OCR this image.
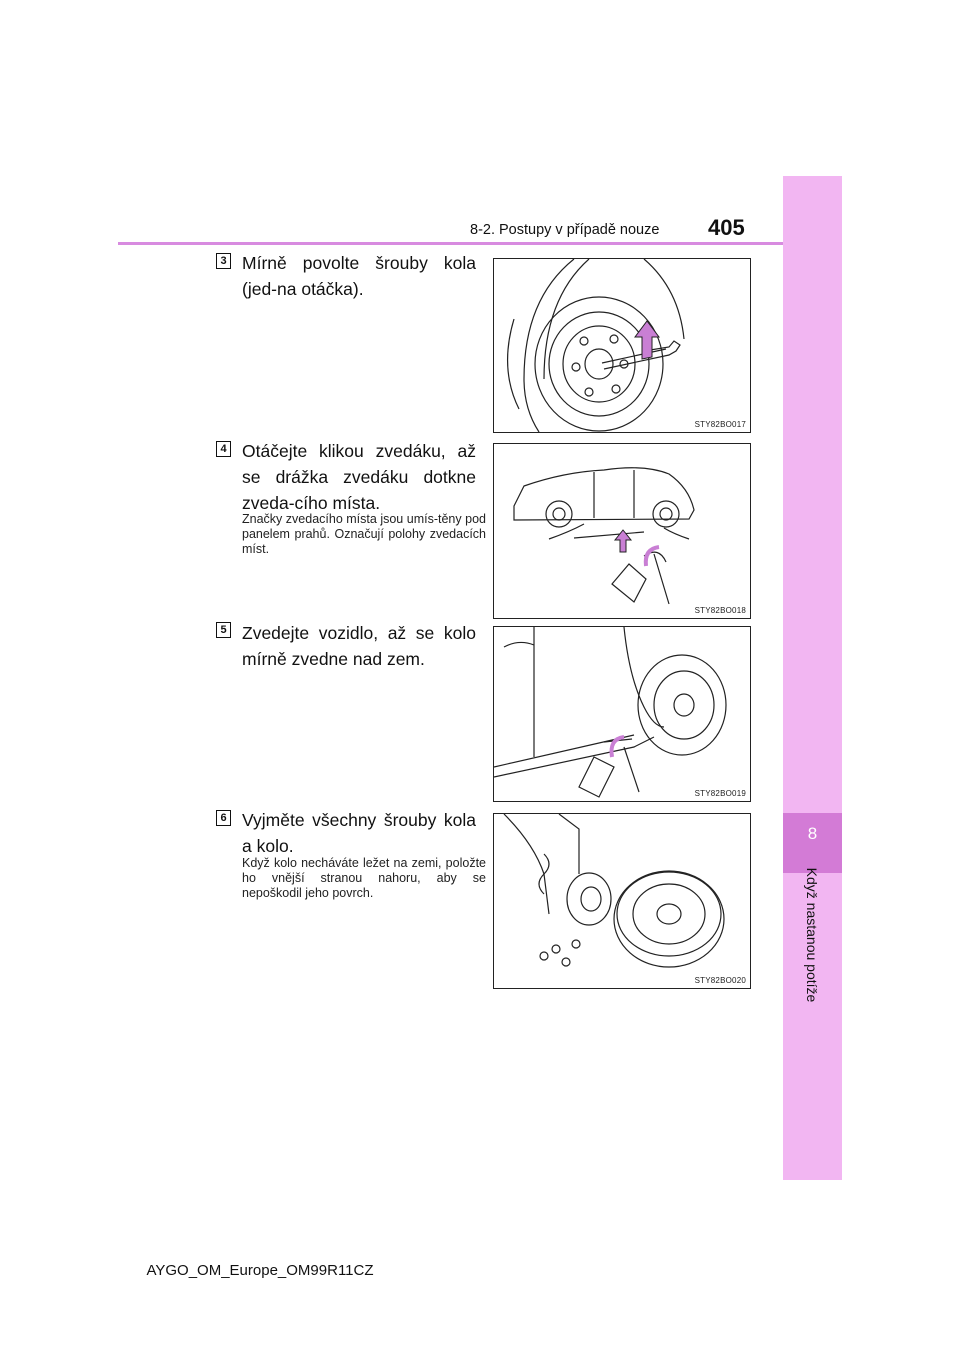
8
Když nastanou potíže
8-2. Postupy v případě nouze 405
3 Mírně povolte šrouby kola (jed-na otáčka).
STY82BO017
4 Otáčejte klikou zvedáku, až se drážka zvedáku dotkne zveda-cího místa.
Značky zvedacího místa jsou umís-těny pod panelem prahů. Označují polohy zvedacích míst.
STY82BO018
5 Zvedejte vozidlo, až se kolo mírně zvedne nad zem.
STY82BO019
6 Vyjměte všechny šrouby kola a kolo.
Když kolo necháváte ležet na zemi, položte ho vnější stranou nahoru, aby se nepoškodil jeho povrch.
STY82BO020
AYGO_OM_Europe_OM99R11CZ
